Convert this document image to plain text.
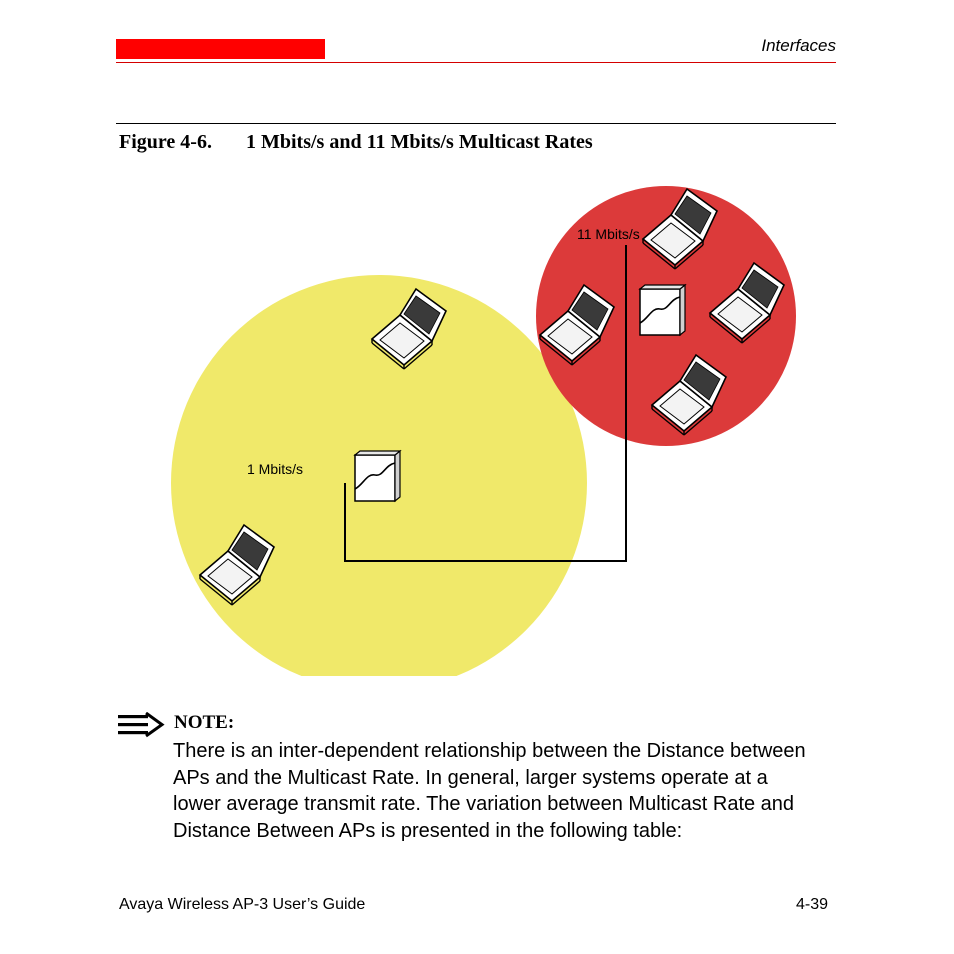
Interfaces
Figure 4-6. 1 Mbits/s and 11 Mbits/s Multicast Rates
1 Mbits/s
11 Mbits/s
NOTE:
There is an inter-dependent relationship between the Distance between APs and the Multicast Rate. In general, larger systems operate at a lower average transmit rate. The variation between Multicast Rate and Distance Between APs is presented in the following table:
Avaya Wireless AP-3 User’s Guide	4-39
